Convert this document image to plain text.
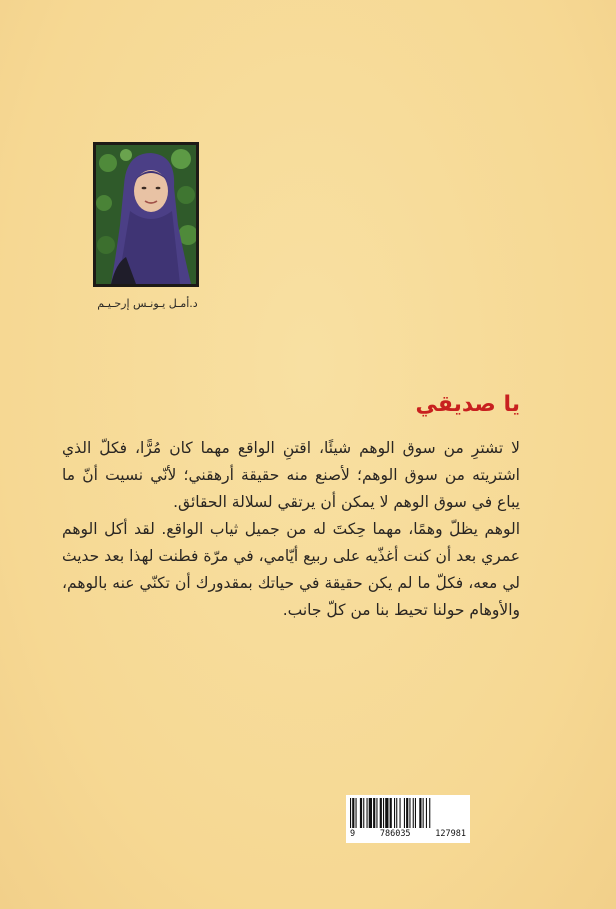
د.أمـل يـونـس إرحـيـم
يا صديقي

لا تشترِ من سوق الوهم شيئًا، اقتنِ الواقع مهما كان مُرًّا، فكلّ الذي اشتريته من سوق الوهم؛ لأصنع منه حقيقة أرهقني؛ لأنّي نسيت أنّ ما يباع في سوق الوهم لا يمكن أن يرتقي لسلالة الحقائق.

الوهم يظلّ وهمًا، مهما حِكتَ له من جميل ثياب الواقع. لقد أكل الوهم عمري بعد أن كنت أغذّيه على ربيع أيّامي، في مرّة فطنت لهذا بعد حديث لي معه، فكلّ ما لم يكن حقيقة في حياتك بمقدورك أن تكنّي عنه بالوهم، والأوهام حولنا تحيط بنا من كلّ جانب.

9	786035	127981
